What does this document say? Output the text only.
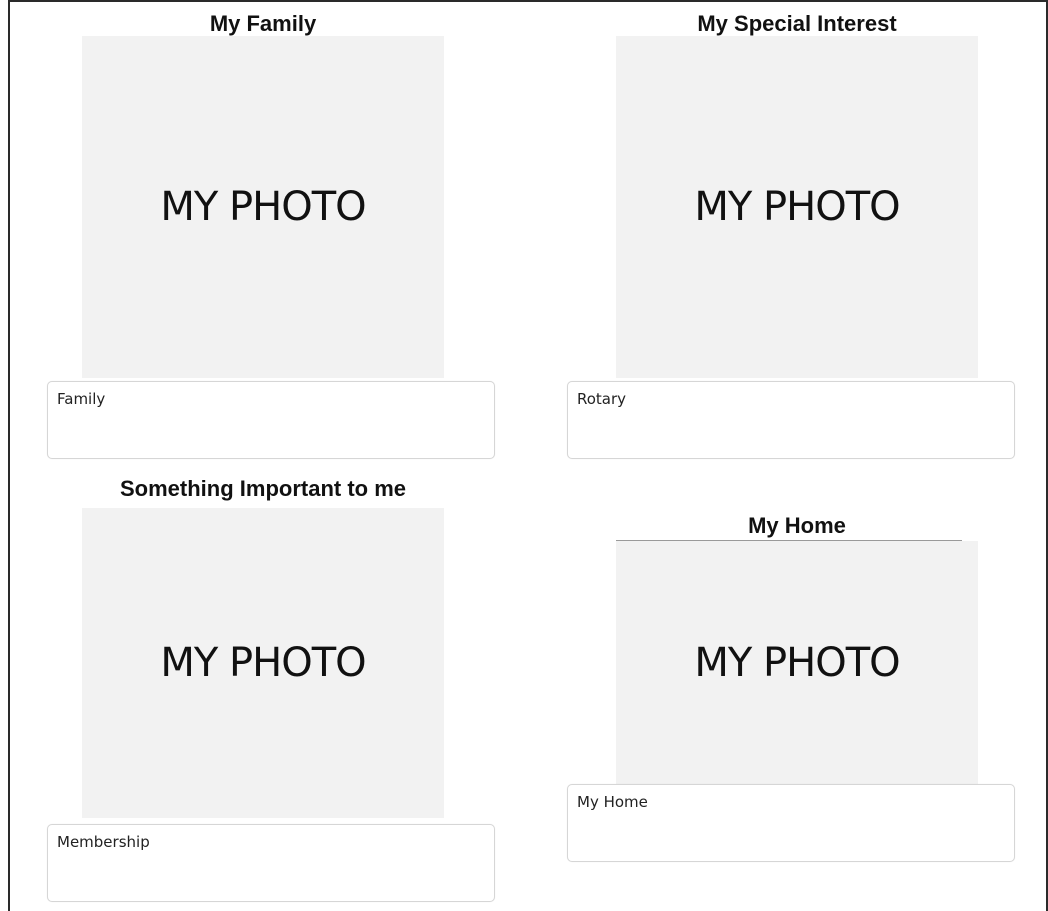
My Family
MY PHOTO
Family
My Special Interest
MY PHOTO
Rotary
Something Important to me
MY PHOTO
Membership
My Home
MY PHOTO
My Home
